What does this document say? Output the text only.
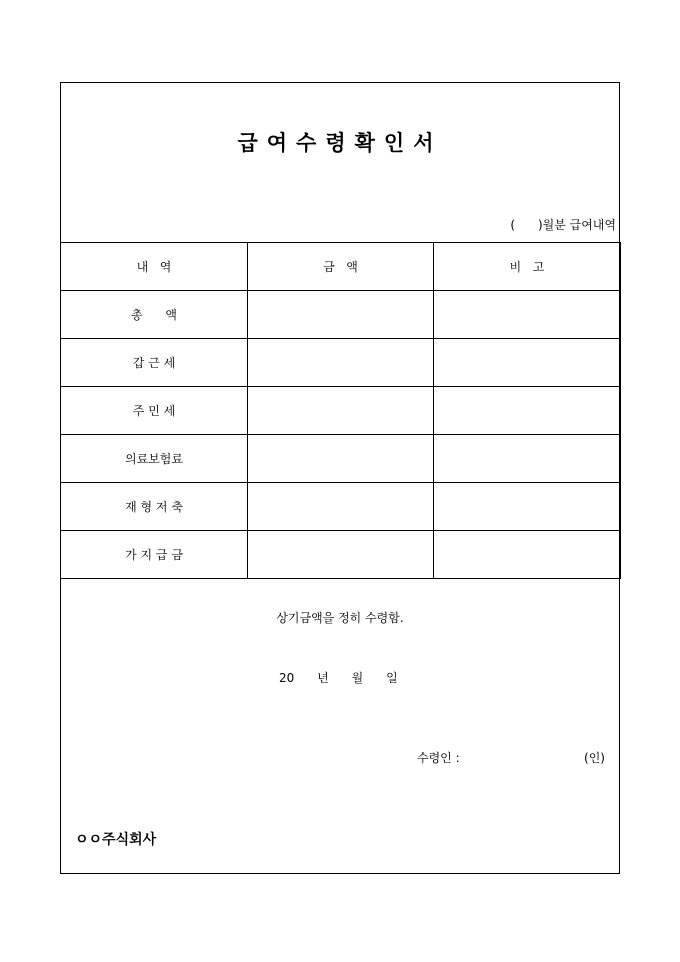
급여수령확인서
(      )월분 급여내역
내   역	금   액	비   고
총      액		
갑 근 세		
주 민 세		
의료보험료		
재 형 저 축		
가 지 급 금		
상기금액을 정히 수령함.
20      년      월      일
수령인 :	(인)
ㅇㅇ주식회사
